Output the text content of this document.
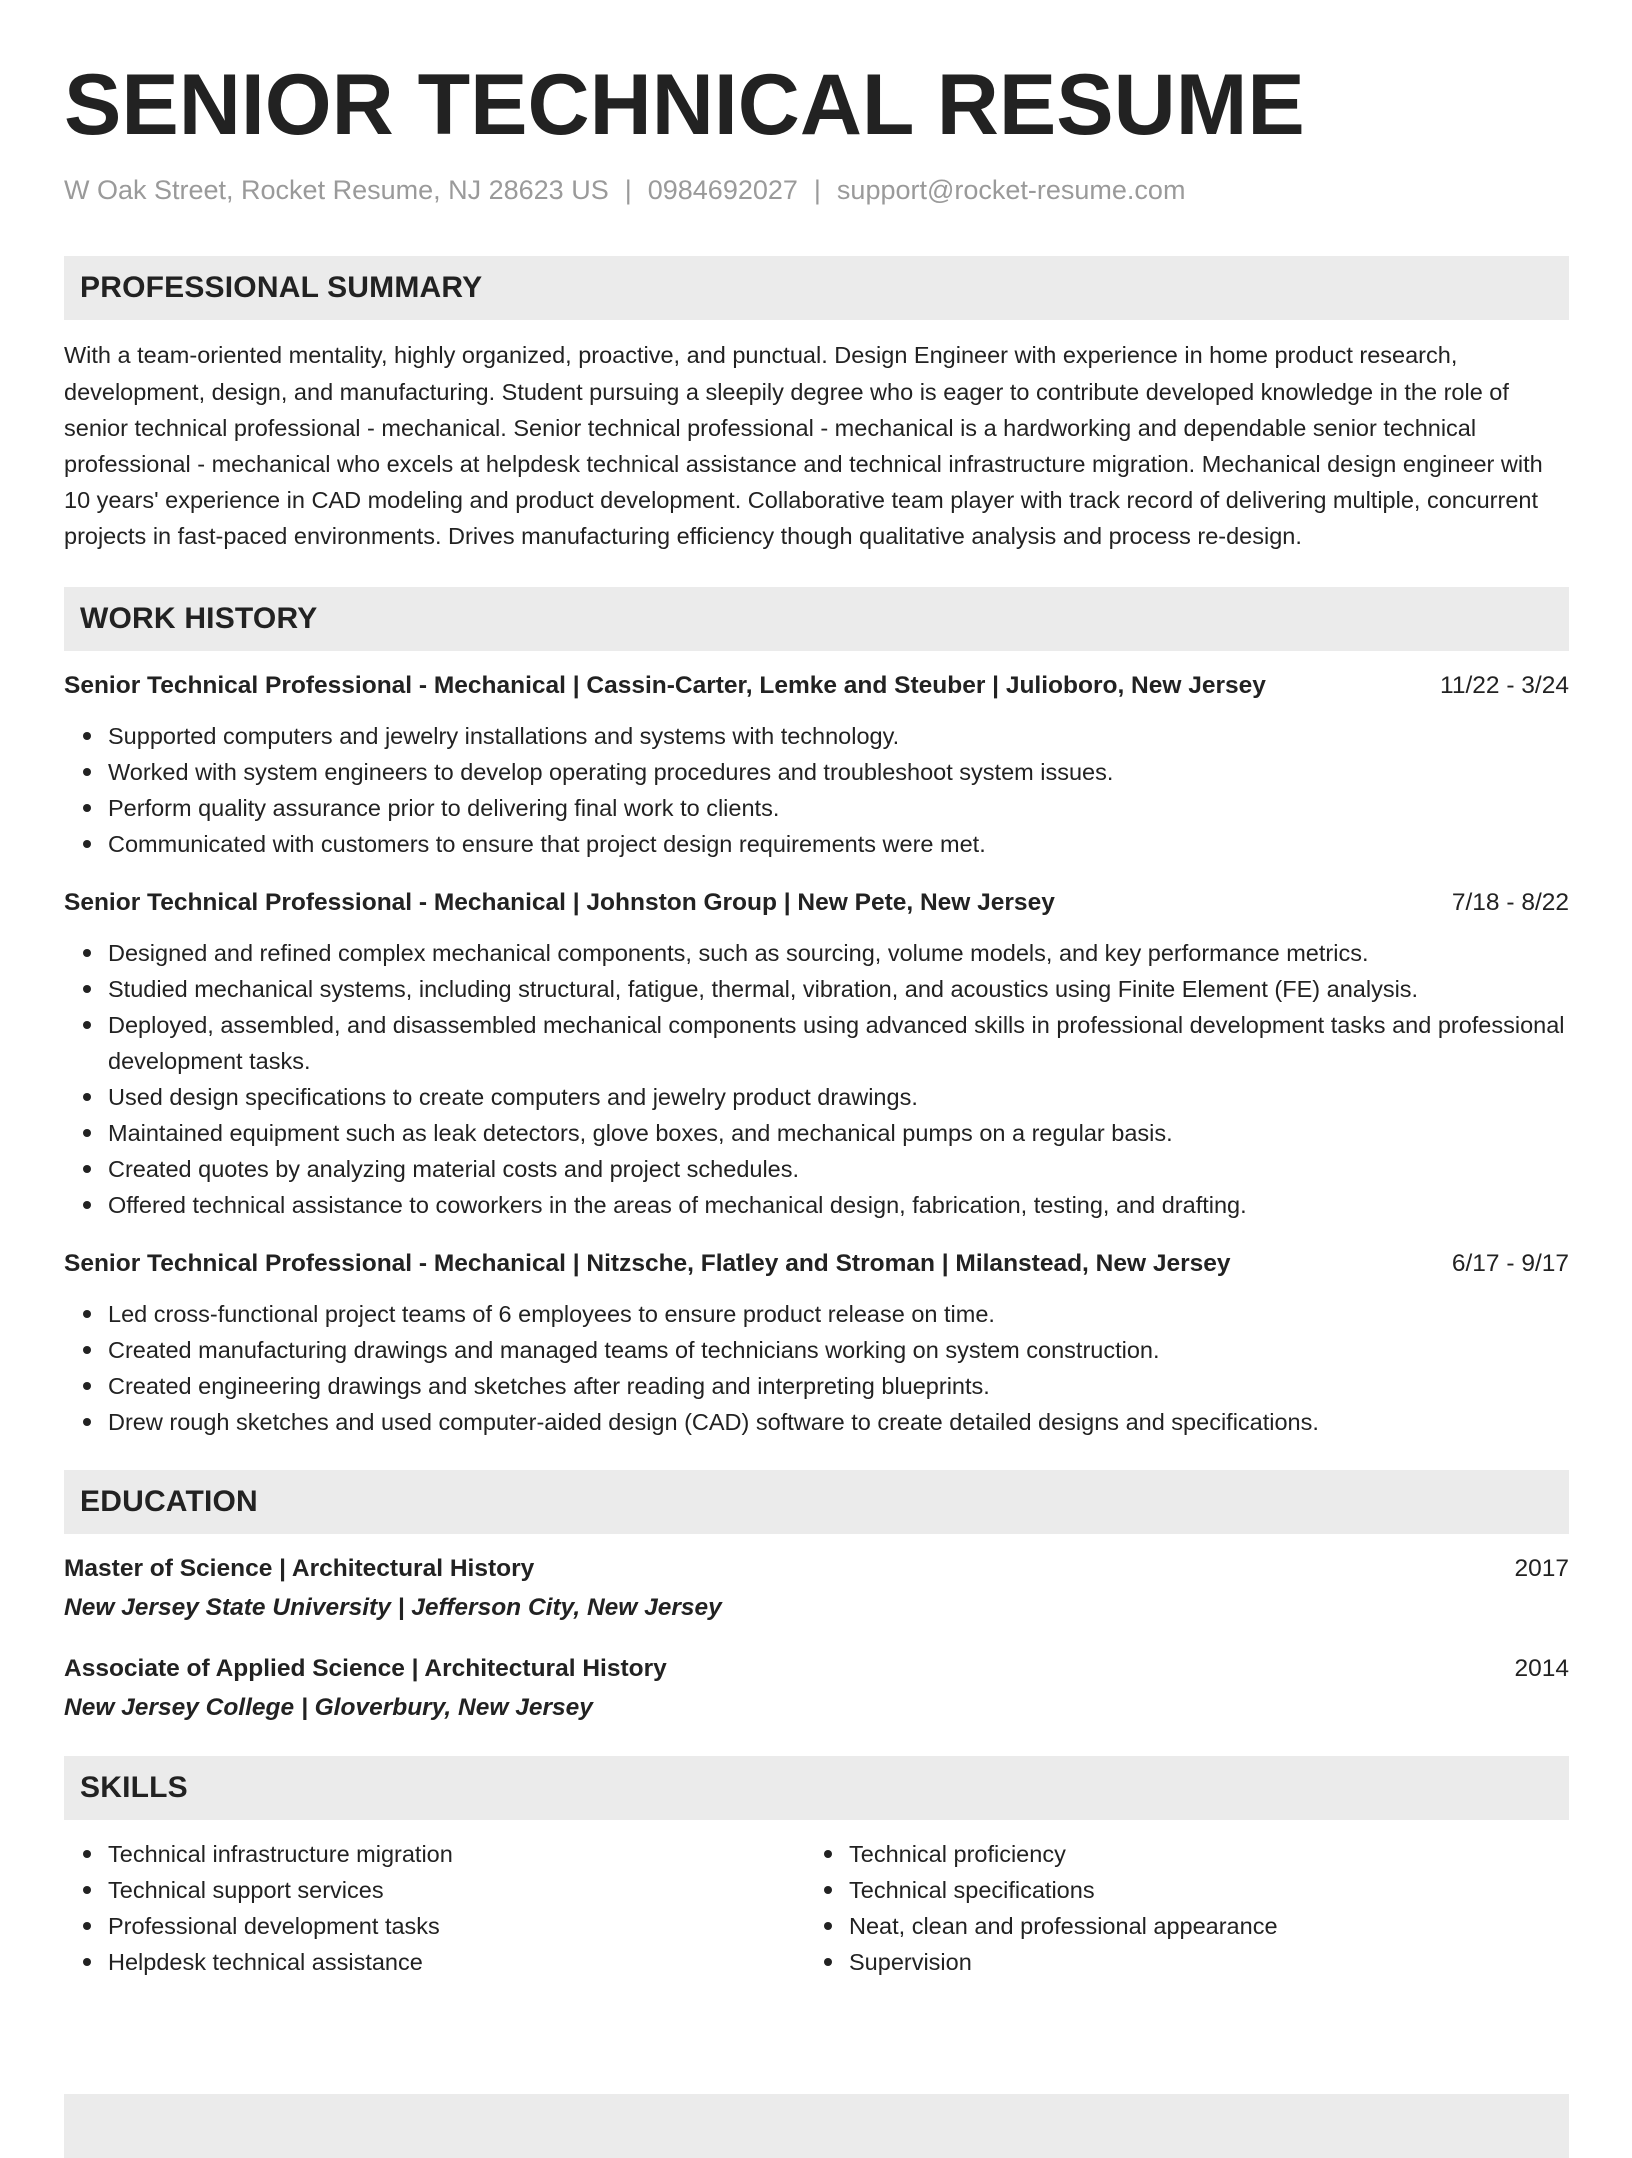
SENIOR TECHNICAL RESUME
W Oak Street, Rocket Resume, NJ 28623 US | 0984692027 | support@rocket-resume.com
PROFESSIONAL SUMMARY
With a team-oriented mentality, highly organized, proactive, and punctual. Design Engineer with experience in home product research, development, design, and manufacturing. Student pursuing a sleepily degree who is eager to contribute developed knowledge in the role of senior technical professional - mechanical. Senior technical professional - mechanical is a hardworking and dependable senior technical professional - mechanical who excels at helpdesk technical assistance and technical infrastructure migration. Mechanical design engineer with 10 years' experience in CAD modeling and product development. Collaborative team player with track record of delivering multiple, concurrent projects in fast-paced environments. Drives manufacturing efficiency though qualitative analysis and process re-design.
WORK HISTORY
Senior Technical Professional - Mechanical | Cassin-Carter, Lemke and Steuber | Julioboro, New Jersey	11/22 - 3/24
Supported computers and jewelry installations and systems with technology.
Worked with system engineers to develop operating procedures and troubleshoot system issues.
Perform quality assurance prior to delivering final work to clients.
Communicated with customers to ensure that project design requirements were met.
Senior Technical Professional - Mechanical | Johnston Group | New Pete, New Jersey	7/18 - 8/22
Designed and refined complex mechanical components, such as sourcing, volume models, and key performance metrics.
Studied mechanical systems, including structural, fatigue, thermal, vibration, and acoustics using Finite Element (FE) analysis.
Deployed, assembled, and disassembled mechanical components using advanced skills in professional development tasks and professional development tasks.
Used design specifications to create computers and jewelry product drawings.
Maintained equipment such as leak detectors, glove boxes, and mechanical pumps on a regular basis.
Created quotes by analyzing material costs and project schedules.
Offered technical assistance to coworkers in the areas of mechanical design, fabrication, testing, and drafting.
Senior Technical Professional - Mechanical | Nitzsche, Flatley and Stroman | Milanstead, New Jersey	6/17 - 9/17
Led cross-functional project teams of 6 employees to ensure product release on time.
Created manufacturing drawings and managed teams of technicians working on system construction.
Created engineering drawings and sketches after reading and interpreting blueprints.
Drew rough sketches and used computer-aided design (CAD) software to create detailed designs and specifications.
EDUCATION
Master of Science | Architectural History	2017
New Jersey State University | Jefferson City, New Jersey
Associate of Applied Science | Architectural History	2014
New Jersey College | Gloverbury, New Jersey
SKILLS
Technical infrastructure migration
Technical support services
Professional development tasks
Helpdesk technical assistance
Technical proficiency
Technical specifications
Neat, clean and professional appearance
Supervision
